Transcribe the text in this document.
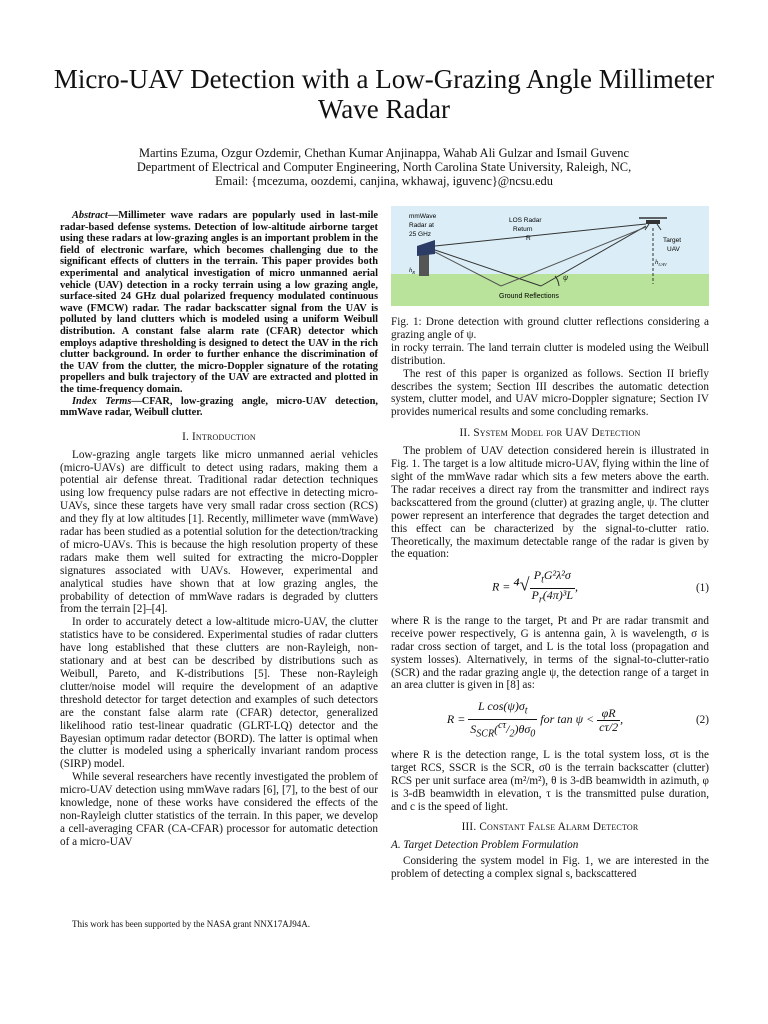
Micro-UAV Detection with a Low-Grazing Angle Millimeter Wave Radar
Martins Ezuma, Ozgur Ozdemir, Chethan Kumar Anjinappa, Wahab Ali Gulzar and Ismail Guvenc
Department of Electrical and Computer Engineering, North Carolina State University, Raleigh, NC,
Email: {mcezuma, oozdemi, canjina, wkhawaj, iguvenc}@ncsu.edu

Abstract—Millimeter wave radars are popularly used in last-mile radar-based defense systems. Detection of low-altitude airborne target using these radars at low-grazing angles is an important problem in the field of electronic warfare, which becomes challenging due to the significant effects of clutters in the terrain. This paper provides both experimental and analytical investigation of micro unmanned aerial vehicle (UAV) detection in a rocky terrain using a low grazing angle, surface-sited 24 GHz dual polarized frequency modulated continuous wave (FMCW) radar. The radar backscatter signal from the UAV is polluted by land clutters which is modeled using a uniform Weibull distribution. A constant false alarm rate (CFAR) detector which employs adaptive thresholding is designed to detect the UAV in the rich clutter background. In order to further enhance the discrimination of the UAV from the clutter, the micro-Doppler signature of the rotating propellers and bulk trajectory of the UAV are extracted and plotted in the time-frequency domain.

Index Terms—CFAR, low-grazing angle, micro-UAV detection, mmWave radar, Weibull clutter.

I. Introduction

Low-grazing angle targets like micro unmanned aerial vehicles (micro-UAVs) are difficult to detect using radars, making them a potential air defense threat. Traditional radar detection techniques using low frequency pulse radars are not effective in detecting micro-UAVs, since these targets have very small radar cross section (RCS) and they fly at low altitudes [1]. Recently, millimeter wave (mmWave) radar has been studied as a potential solution for the detection/tracking of micro-UAVs. This is because the high resolution property of these radars make them well suited for extracting the micro-Doppler signatures associated with UAVs. However, experimental and analytical studies have shown that at low grazing angles, the probability of detection of mmWave radars is degraded by clutters from the terrain [2]–[4].

In order to accurately detect a low-altitude micro-UAV, the clutter statistics have to be considered. Experimental studies of radar clutters have long established that these clutters are non-Rayleigh, non-stationary and at best can be described by distributions such as Weibull, Pareto, and K-distributions [5]. These non-Rayleigh clutter/noise model will require the development of an adaptive threshold detector for target detection and examples of such detectors are the constant false alarm rate (CFAR) detector, generalized likelihood ratio test-linear quadratic (GLRT-LQ) detector and the Bayesian optimum radar detector (BORD). The latter is optimal when the clutter is modeled using a spherically invariant random process (SIRP) model.

While several researchers have recently investigated the problem of micro-UAV detection using mmWave radars [6], [7], to the best of our knowledge, none of these works have considered the effects of the non-Rayleigh clutter statistics of the terrain. In this paper, we develop a cell-averaging CFAR (CA-CFAR) processor for automatic detection of a micro-UAV

This work has been supported by the NASA grant NNX17AJ94A.
mmWave Radar at 25 GHz
LOS Radar Return R	Target UAV
$h_{UAV}$
$h_R$
ψ
Ground Reflections

Fig. 1: Drone detection with ground clutter reflections considering a grazing angle of ψ.

in rocky terrain. The land terrain clutter is modeled using the Weibull distribution.

The rest of this paper is organized as follows. Section II briefly describes the system; Section III describes the automatic detection system, clutter model, and UAV micro-Doppler signature; Section IV provides numerical results and some concluding remarks.

II. System Model for UAV Detection

The problem of UAV detection considered herein is illustrated in Fig. 1. The target is a low altitude micro-UAV, flying within the line of sight of the mmWave radar which sits a few meters above the earth. The radar receives a direct ray from the transmitter and indirect rays backscattered from the ground (clutter) at grazing angle, ψ. The clutter power represent an interference that degrades the target detection and this effect can be characterized by the signal-to-clutter ratio. Theoretically, the maximum detectable range of the radar is given by the equation:

$R = ^4√ \frac{P_tG^2\lambda^2\sigma}{P_r(4\pi)^3L}$ ,	(1)

where R is the range to the target, Pt and Pr are radar transmit and receive power respectively, G is antenna gain, λ is wavelength, σ is radar cross section of target, and L is the total loss (propagation and system losses). Alternatively, in terms of the signal-to-clutter-ratio (SCR) and the radar grazing angle ψ, the detection range of a target in an area clutter is given in [8] as:

$R = \frac{L \cos(\psi)\sigma_t}{S_{SCR}(^{c\tau}/_2)\theta\sigma_0}$ for $\tan \psi < \frac{\varphi R}{c\tau/2}$ ,	(2)

where R is the detection range, L is the total system loss, σt is the target RCS, SSCR is the SCR, σ0 is the terrain backscatter (clutter) RCS per unit surface area (m²/m²), θ is 3-dB beamwidth in azimuth, φ is 3-dB beamwidth in elevation, τ is the transmitted pulse duration, and c is the speed of light.

III. Constant False Alarm Detector
A. Target Detection Problem Formulation

Considering the system model in Fig. 1, we are interested in the problem of detecting a complex signal s, backscattered
